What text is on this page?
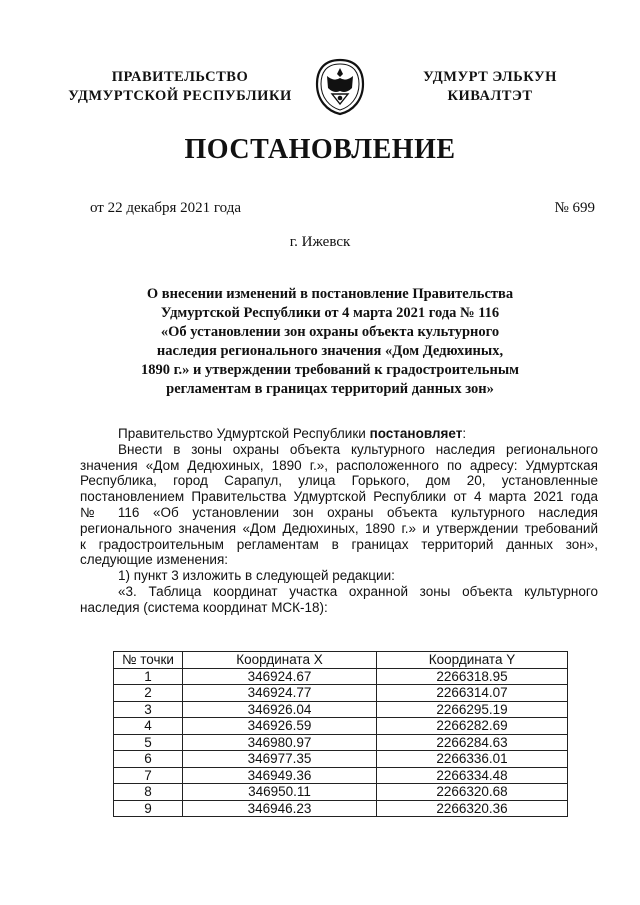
ПРАВИТЕЛЬСТВО
УДМУРТСКОЙ РЕСПУБЛИКИ
УДМУРТ ЭЛЬКУН
КИВАЛТЭТ
ПОСТАНОВЛЕНИЕ
от 22 декабря 2021 года	№ 699
г. Ижевск
О внесении изменений в постановление Правительства
Удмуртской Республики от 4 марта 2021 года № 116
«Об установлении зон охраны объекта культурного
наследия регионального значения «Дом Дедюхиных,
1890 г.» и утверждении требований к градостроительным
регламентам в границах территорий данных зон»
Правительство Удмуртской Республики постановляет:
Внести в зоны охраны объекта культурного наследия регионального
значения «Дом Дедюхиных, 1890 г.», расположенного по адресу: Удмуртская
Республика, город Сарапул, улица Горького, дом 20, установленные
постановлением Правительства Удмуртской Республики от 4 марта 2021 года
№ 116 «Об установлении зон охраны объекта культурного наследия
регионального значения «Дом Дедюхиных, 1890 г.» и утверждении требований
к градостроительным регламентам в границах территорий данных зон»,
следующие изменения:
1) пункт 3 изложить в следующей редакции:
«3. Таблица координат участка охранной зоны объекта культурного
наследия (система координат МСК-18):
№ точки	Координата X	Координата Y
1	346924.67	2266318.95
2	346924.77	2266314.07
3	346926.04	2266295.19
4	346926.59	2266282.69
5	346980.97	2266284.63
6	346977.35	2266336.01
7	346949.36	2266334.48
8	346950.11	2266320.68
9	346946.23	2266320.36
